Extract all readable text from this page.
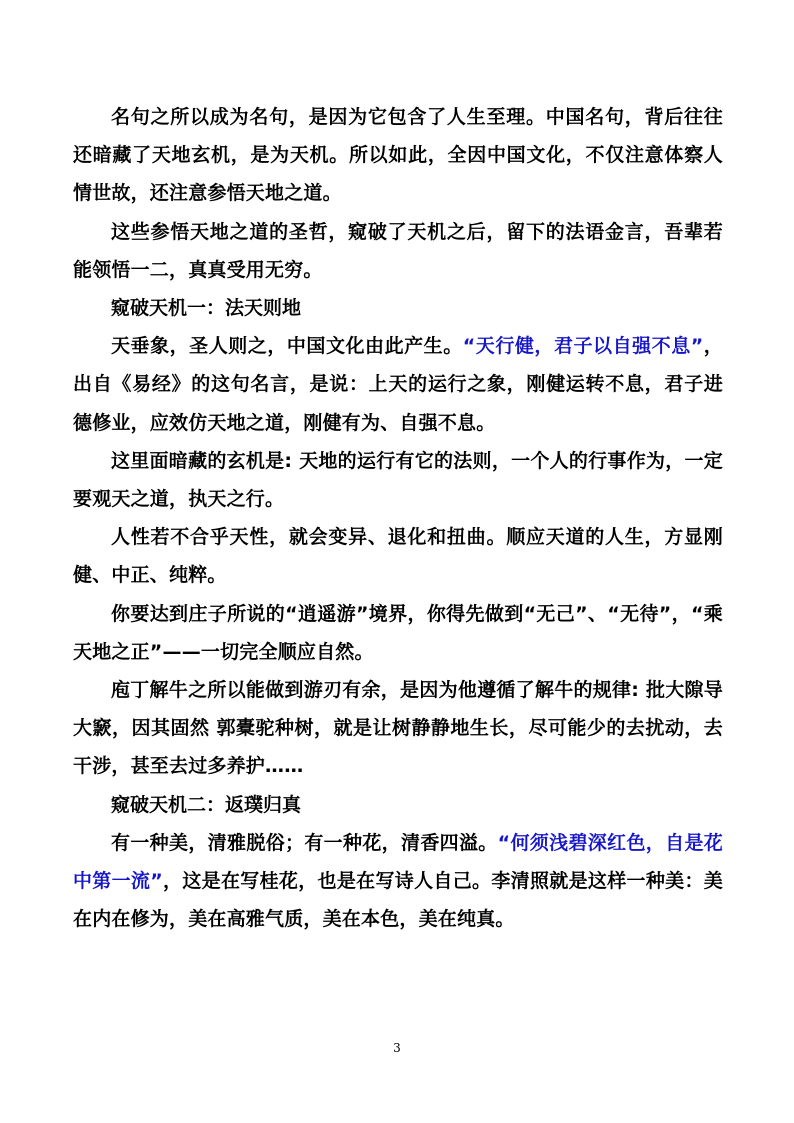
名句之所以成为名句，是因为它包含了人生至理。中国名句，背后往往还暗藏了天地玄机，是为天机。所以如此，全因中国文化，不仅注意体察人情世故，还注意参悟天地之道。

这些参悟天地之道的圣哲，窥破了天机之后，留下的法语金言，吾辈若能领悟一二，真真受用无穷。

窥破天机一：法天则地

天垂象，圣人则之，中国文化由此产生。“天行健，君子以自强不息”，出自《易经》的这句名言，是说：上天的运行之象，刚健运转不息，君子进德修业，应效仿天地之道，刚健有为、自强不息。

这里面暗藏的玄机是: 天地的运行有它的法则，一个人的行事作为，一定要观天之道，执天之行。

人性若不合乎天性，就会变异、退化和扭曲。顺应天道的人生，方显刚健、中正、纯粹。

你要达到庄子所说的“逍遥游”境界，你得先做到“无己”、“无待”，“乘天地之正”——一切完全顺应自然。

庖丁解牛之所以能做到游刃有余，是因为他遵循了解牛的规律: 批大隙导大窾，因其固然 郭橐驼种树，就是让树静静地生长，尽可能少的去扰动，去干涉，甚至去过多养护……

窥破天机二：返璞归真

有一种美，清雅脱俗；有一种花，清香四溢。“何须浅碧深红色，自是花中第一流”，这是在写桂花，也是在写诗人自己。李清照就是这样一种美：美在内在修为，美在高雅气质，美在本色，美在纯真。

3
